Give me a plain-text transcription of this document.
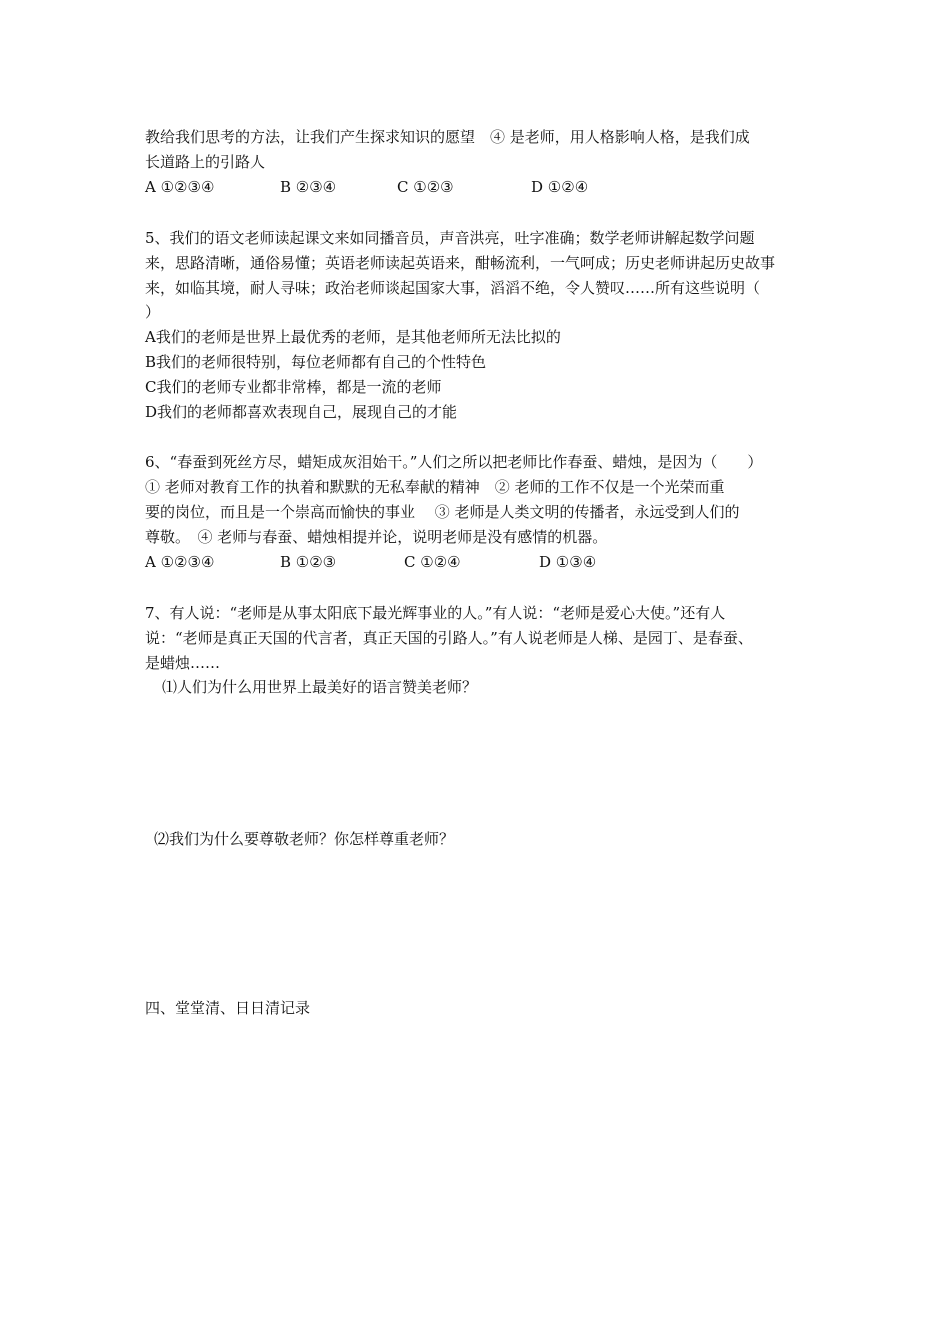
教给我们思考的方法，让我们产生探求知识的愿望　④ 是老师，用人格影响人格，是我们成
长道路上的引路人
A ①②③④	B ②③④	C ①②③	D ①②④
5、我们的语文老师读起课文来如同播音员，声音洪亮，吐字准确；数学老师讲解起数学问题
来，思路清晰，通俗易懂；英语老师读起英语来，酣畅流利，一气呵成；历史老师讲起历史故事
来，如临其境，耐人寻味；政治老师谈起国家大事，滔滔不绝，令人赞叹……所有这些说明（
）
A我们的老师是世界上最优秀的老师，是其他老师所无法比拟的
B我们的老师很特别，每位老师都有自己的个性特色
C我们的老师专业都非常棒，都是一流的老师
D我们的老师都喜欢表现自己，展现自己的才能
6、“春蚕到死丝方尽，蜡矩成灰泪始干。”人们之所以把老师比作春蚕、蜡烛，是因为（　　）
① 老师对教育工作的执着和默默的无私奉献的精神　② 老师的工作不仅是一个光荣而重
要的岗位，而且是一个崇高而愉快的事业　 ③ 老师是人类文明的传播者，永远受到人们的
尊敬。　④ 老师与春蚕、蜡烛相提并论，说明老师是没有感情的机器。
A ①②③④	B ①②③	C ①②④	D ①③④
7、有人说：“老师是从事太阳底下最光辉事业的人。”有人说：“老师是爱心大使。”还有人
说：“老师是真正天国的代言者，真正天国的引路人。”有人说老师是人梯、是园丁、是春蚕、
是蜡烛……
⑴人们为什么用世界上最美好的语言赞美老师？
⑵我们为什么要尊敬老师？你怎样尊重老师？
四、堂堂清、日日清记录
